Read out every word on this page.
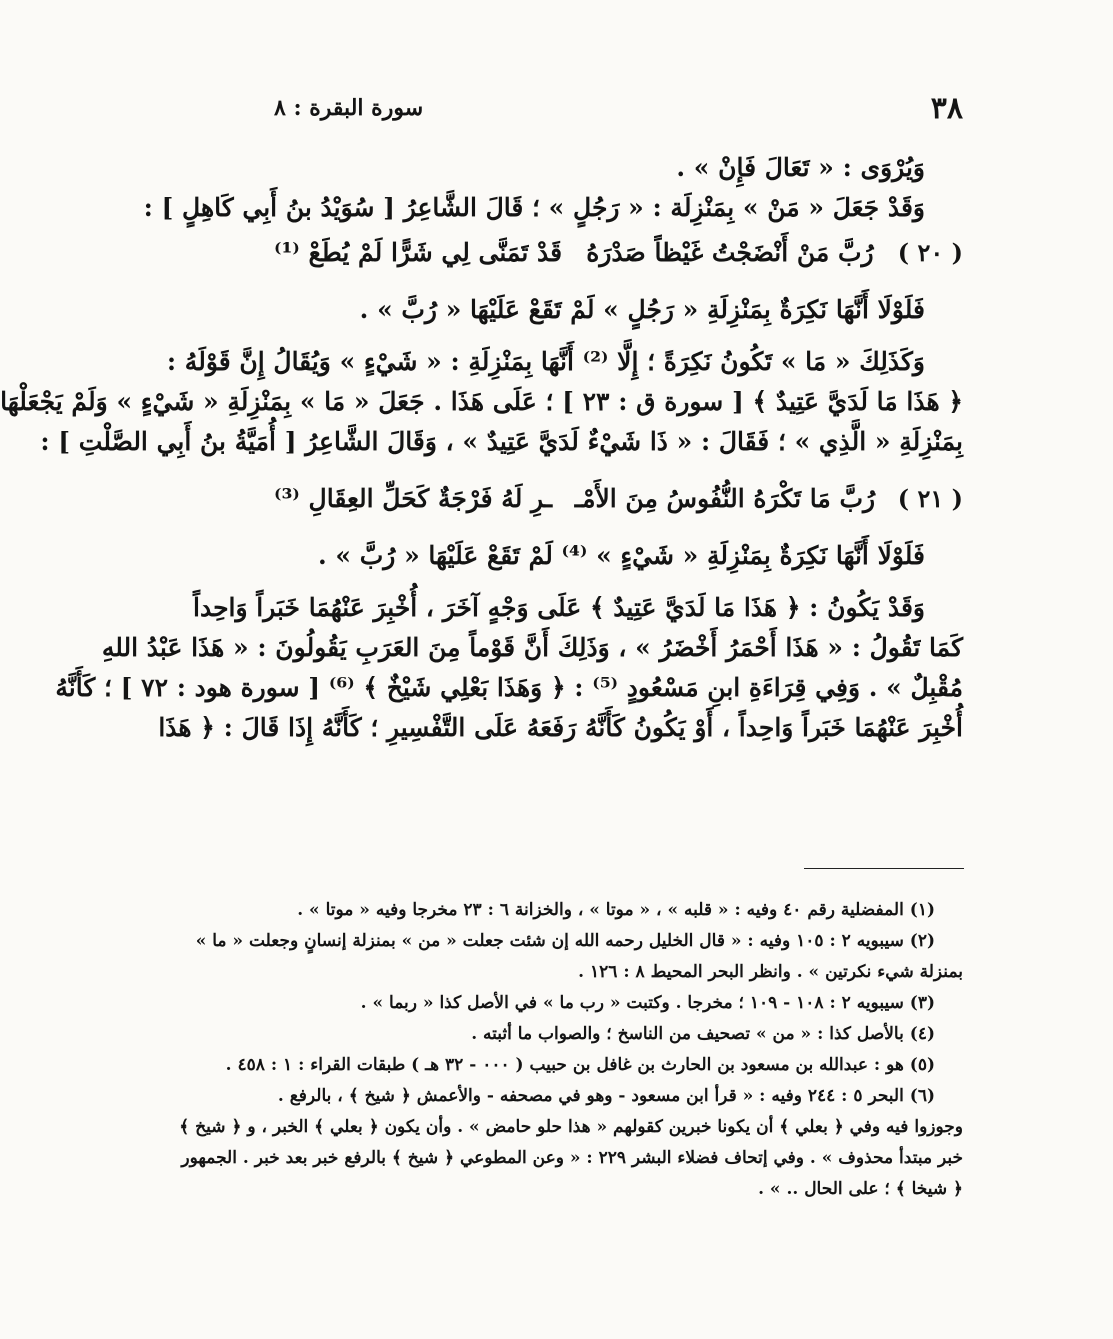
٣٨
سورة البقرة : ٨
وَيُرْوَى : « تَعَالَ فَإِنْ » .
وَقَدْ جَعَلَ « مَنْ » بِمَنْزِلَة : « رَجُلٍ » ؛ قَالَ الشَّاعِرُ [ سُوَيْدُ بنُ أَبِي كَاهِلٍ ] :
( ٢٠ )
رُبَّ مَنْ أَنْضَجْتُ غَيْظاً صَدْرَهُ
قَدْ تَمَنَّى لِي شَرًّا لَمْ يُطَعْ ⁽¹⁾
فَلَوْلَا أَنَّهَا نَكِرَةٌ بِمَنْزِلَةِ « رَجُلٍ » لَمْ تَقَعْ عَلَيْهَا « رُبَّ » .
وَكَذَلِكَ « مَا » تَكُونُ نَكِرَةً ؛ إِلَّا ⁽²⁾ أَنَّهَا بِمَنْزِلَةِ : « شَيْءٍ » وَيُقَالُ إِنَّ قَوْلَهُ :
﴿ هَذَا مَا لَدَيَّ عَتِيدٌ ﴾ [ سورة ق : ٢٣ ] ؛ عَلَى هَذَا . جَعَلَ « مَا » بِمَنْزِلَةِ « شَيْءٍ » وَلَمْ يَجْعَلْهَا
بِمَنْزِلَةِ « الَّذِي » ؛ فَقَالَ : « ذَا شَيْءٌ لَدَيَّ عَتِيدٌ » ، وَقَالَ الشَّاعِرُ [ أُمَيَّةُ بنُ أَبِي الصَّلْتِ ] :
( ٢١ )
رُبَّ مَا تَكْرَهُ النُّفُوسُ مِنَ الأَمْـ
ـرِ لَهُ فَرْجَةٌ كَحَلِّ العِقَالِ ⁽³⁾
فَلَوْلَا أَنَّهَا نَكِرَةٌ بِمَنْزِلَةِ « شَيْءٍ » ⁽⁴⁾ لَمْ تَقَعْ عَلَيْهَا « رُبَّ » .
وَقَدْ يَكُونُ : ﴿ هَذَا مَا لَدَيَّ عَتِيدٌ ﴾ عَلَى وَجْهٍ آخَرَ ، أُخْبِرَ عَنْهُمَا خَبَراً وَاحِداً
كَمَا تَقُولُ : « هَذَا أَحْمَرُ أَخْضَرُ » ، وَذَلِكَ أَنَّ قَوْماً مِنَ العَرَبِ يَقُولُونَ : « هَذَا عَبْدُ اللهِ
مُقْبِلٌ » . وَفِي قِرَاءَةِ ابنِ مَسْعُودٍ ⁽⁵⁾ : ﴿ وَهَذَا بَعْلِي شَيْخٌ ﴾ ⁽⁶⁾ [ سورة هود : ٧٢ ] ؛ كَأَنَّهُ
أُخْبِرَ عَنْهُمَا خَبَراً وَاحِداً ، أَوْ يَكُونُ كَأَنَّهُ رَفَعَهُ عَلَى التَّفْسِيرِ ؛ كَأَنَّهُ إِذَا قَالَ : ﴿ هَذَا
(١) المفضلية رقم ٤٠ وفيه : « قلبه » ، « موتا » ، والخزانة ٦ : ٢٣ مخرجا وفيه « موتا » .
(٢) سيبويه ٢ : ١٠٥ وفيه : « قال الخليل رحمه الله إن شئت جعلت « من » بمنزلة إنسانٍ وجعلت « ما »
بمنزلة شيء نكرتين » . وانظر البحر المحيط ٨ : ١٢٦ .
(٣) سيبويه ٢ : ١٠٨ - ١٠٩ ؛ مخرجا . وكتبت « رب ما » في الأصل كذا « ربما » .
(٤) بالأصل كذا : « من » تصحيف من الناسخ ؛ والصواب ما أثبته .
(٥) هو : عبدالله بن مسعود بن الحارث بن غافل بن حبيب ( ٠٠٠ - ٣٢ هـ ) طبقات القراء : ١ : ٤٥٨ .
(٦) البحر ٥ : ٢٤٤ وفيه : « قرأ ابن مسعود - وهو في مصحفه - والأعمش ﴿ شيخ ﴾ ، بالرفع .
وجوزوا فيه وفي ﴿ بعلي ﴾ أن يكونا خبرين كقولهم « هذا حلو حامض » . وأن يكون ﴿ بعلي ﴾ الخبر ، و ﴿ شيخ ﴾
خبر مبتدأ محذوف » . وفي إتحاف فضلاء البشر ٢٢٩ : « وعن المطوعي ﴿ شيخ ﴾ بالرفع خبر بعد خبر . الجمهور
﴿ شيخا ﴾ ؛ على الحال .. » .
